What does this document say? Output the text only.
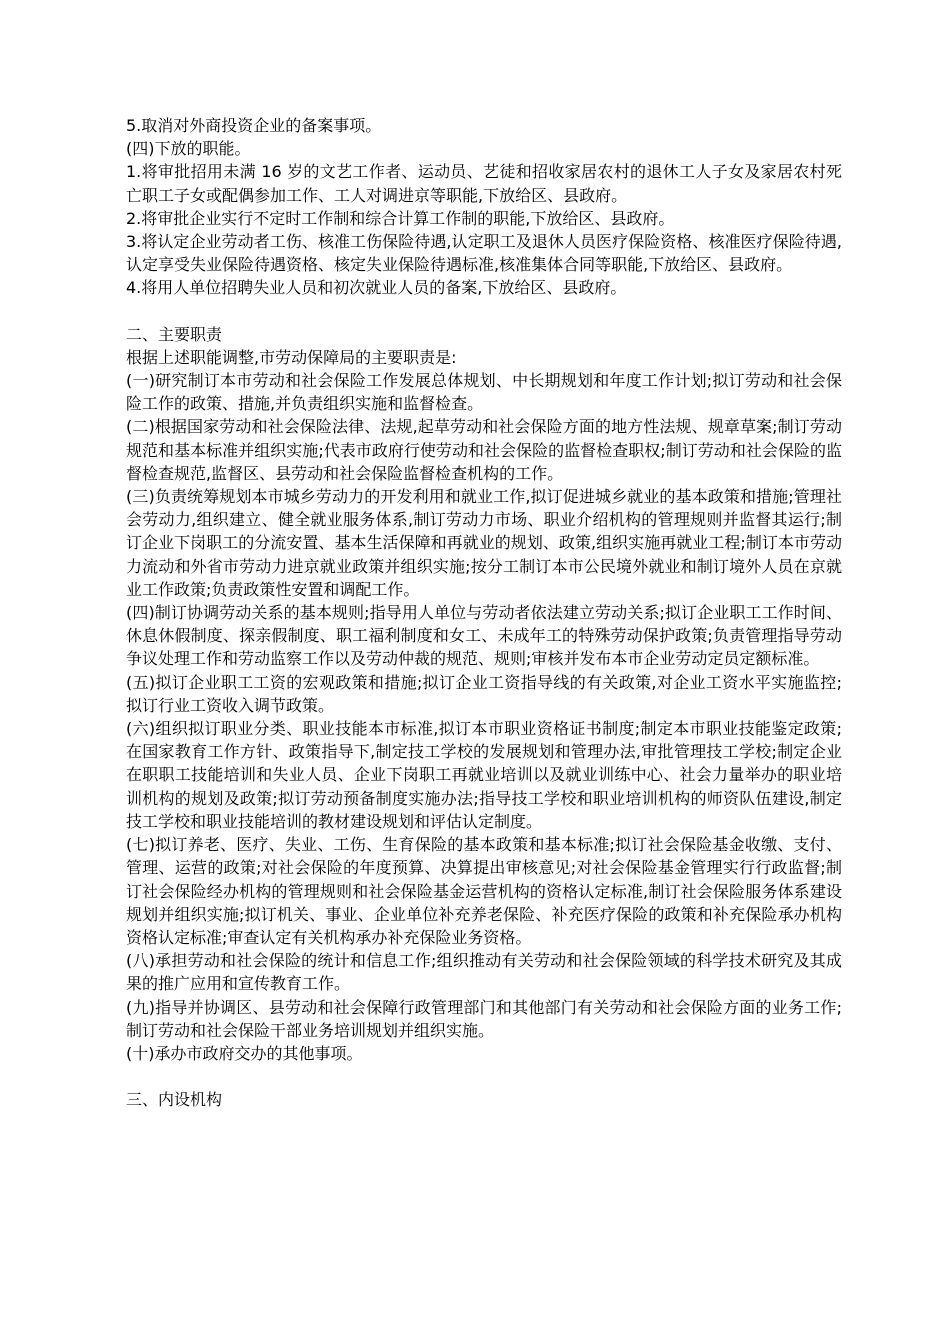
5.取消对外商投资企业的备案事项。

(四)下放的职能。

1.将审批招用未满 16 岁的文艺工作者、运动员、艺徒和招收家居农村的退休工人子女及家居农村死亡职工子女或配偶参加工作、工人对调进京等职能,下放给区、县政府。

2.将审批企业实行不定时工作制和综合计算工作制的职能,下放给区、县政府。

3.将认定企业劳动者工伤、核准工伤保险待遇,认定职工及退休人员医疗保险资格、核准医疗保险待遇,认定享受失业保险待遇资格、核定失业保险待遇标准,核准集体合同等职能,下放给区、县政府。

4.将用人单位招聘失业人员和初次就业人员的备案,下放给区、县政府。

二、主要职责

根据上述职能调整,市劳动保障局的主要职责是:

(一)研究制订本市劳动和社会保险工作发展总体规划、中长期规划和年度工作计划;拟订劳动和社会保险工作的政策、措施,并负责组织实施和监督检查。

(二)根据国家劳动和社会保险法律、法规,起草劳动和社会保险方面的地方性法规、规章草案;制订劳动规范和基本标准并组织实施;代表市政府行使劳动和社会保险的监督检查职权;制订劳动和社会保险的监督检查规范,监督区、县劳动和社会保险监督检查机构的工作。

(三)负责统筹规划本市城乡劳动力的开发利用和就业工作,拟订促进城乡就业的基本政策和措施;管理社会劳动力,组织建立、健全就业服务体系,制订劳动力市场、职业介绍机构的管理规则并监督其运行;制订企业下岗职工的分流安置、基本生活保障和再就业的规划、政策,组织实施再就业工程;制订本市劳动力流动和外省市劳动力进京就业政策并组织实施;按分工制订本市公民境外就业和制订境外人员在京就业工作政策;负责政策性安置和调配工作。

(四)制订协调劳动关系的基本规则;指导用人单位与劳动者依法建立劳动关系;拟订企业职工工作时间、休息休假制度、探亲假制度、职工福利制度和女工、未成年工的特殊劳动保护政策;负责管理指导劳动争议处理工作和劳动监察工作以及劳动仲裁的规范、规则;审核并发布本市企业劳动定员定额标准。

(五)拟订企业职工工资的宏观政策和措施;拟订企业工资指导线的有关政策,对企业工资水平实施监控;拟订行业工资收入调节政策。

(六)组织拟订职业分类、职业技能本市标准,拟订本市职业资格证书制度;制定本市职业技能鉴定政策;在国家教育工作方针、政策指导下,制定技工学校的发展规划和管理办法,审批管理技工学校;制定企业在职职工技能培训和失业人员、企业下岗职工再就业培训以及就业训练中心、社会力量举办的职业培训机构的规划及政策;拟订劳动预备制度实施办法;指导技工学校和职业培训机构的师资队伍建设,制定技工学校和职业技能培训的教材建设规划和评估认定制度。

(七)拟订养老、医疗、失业、工伤、生育保险的基本政策和基本标准;拟订社会保险基金收缴、支付、管理、运营的政策;对社会保险的年度预算、决算提出审核意见;对社会保险基金管理实行行政监督;制订社会保险经办机构的管理规则和社会保险基金运营机构的资格认定标准,制订社会保险服务体系建设规划并组织实施;拟订机关、事业、企业单位补充养老保险、补充医疗保险的政策和补充保险承办机构资格认定标准;审查认定有关机构承办补充保险业务资格。

(八)承担劳动和社会保险的统计和信息工作;组织推动有关劳动和社会保险领域的科学技术研究及其成果的推广应用和宣传教育工作。

(九)指导并协调区、县劳动和社会保障行政管理部门和其他部门有关劳动和社会保险方面的业务工作;制订劳动和社会保险干部业务培训规划并组织实施。

(十)承办市政府交办的其他事项。

三、内设机构
